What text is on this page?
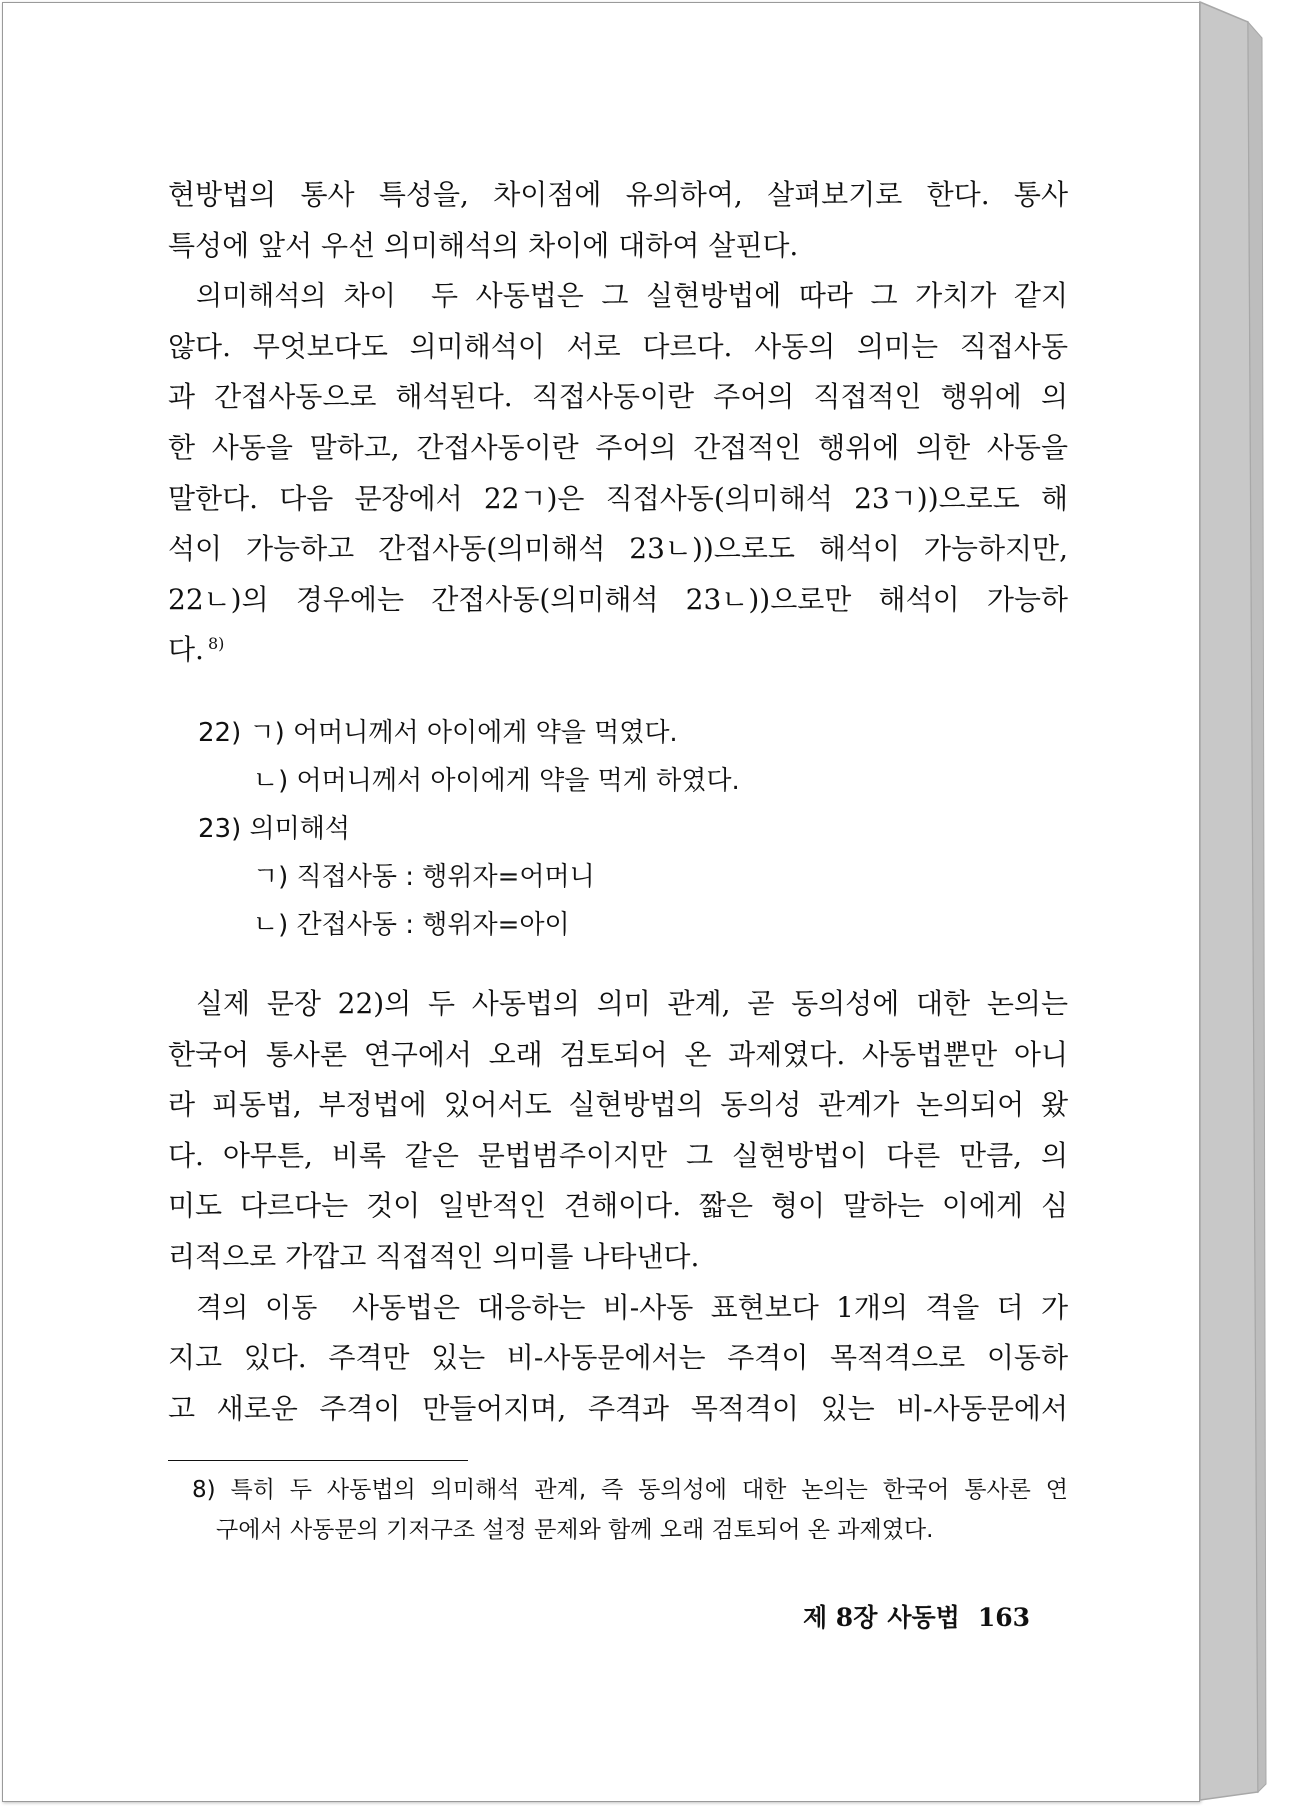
현방법의 통사 특성을, 차이점에 유의하여, 살펴보기로 한다. 통사
특성에 앞서 우선 의미해석의 차이에 대하여 살핀다.
의미해석의 차이 두 사동법은 그 실현방법에 따라 그 가치가 같지
않다. 무엇보다도 의미해석이 서로 다르다. 사동의 의미는 직접사동
과 간접사동으로 해석된다. 직접사동이란 주어의 직접적인 행위에 의
한 사동을 말하고, 간접사동이란 주어의 간접적인 행위에 의한 사동을
말한다. 다음 문장에서 22ㄱ)은 직접사동(의미해석 23ㄱ))으로도 해
석이 가능하고 간접사동(의미해석 23ㄴ))으로도 해석이 가능하지만,
22ㄴ)의 경우에는 간접사동(의미해석 23ㄴ))으로만 해석이 가능하
다. $^{8)}$
실제 문장 22)의 두 사동법의 의미 관계, 곧 동의성에 대한 논의는
한국어 통사론 연구에서 오래 검토되어 온 과제였다. 사동법뿐만 아니
라 피동법, 부정법에 있어서도 실현방법의 동의성 관계가 논의되어 왔
다. 아무튼, 비록 같은 문법범주이지만 그 실현방법이 다른 만큼, 의
미도 다르다는 것이 일반적인 견해이다. 짧은 형이 말하는 이에게 심
리적으로 가깝고 직접적인 의미를 나타낸다.
격의 이동 사동법은 대응하는 비-사동 표현보다 1개의 격을 더 가
지고 있다. 주격만 있는 비-사동문에서는 주격이 목적격으로 이동하
고 새로운 주격이 만들어지며, 주격과 목적격이 있는 비-사동문에서
22) ㄱ) 어머니께서 아이에게 약을 먹였다.
ㄴ) 어머니께서 아이에게 약을 먹게 하였다.
23) 의미해석
ㄱ) 직접사동 : 행위자=어머니
ㄴ) 간접사동 : 행위자=아이
8) 특히 두 사동법의 의미해석 관계, 즉 동의성에 대한 논의는 한국어 통사론 연
구에서 사동문의 기저구조 설정 문제와 함께 오래 검토되어 온 과제였다.
제 8장 사동법 163
